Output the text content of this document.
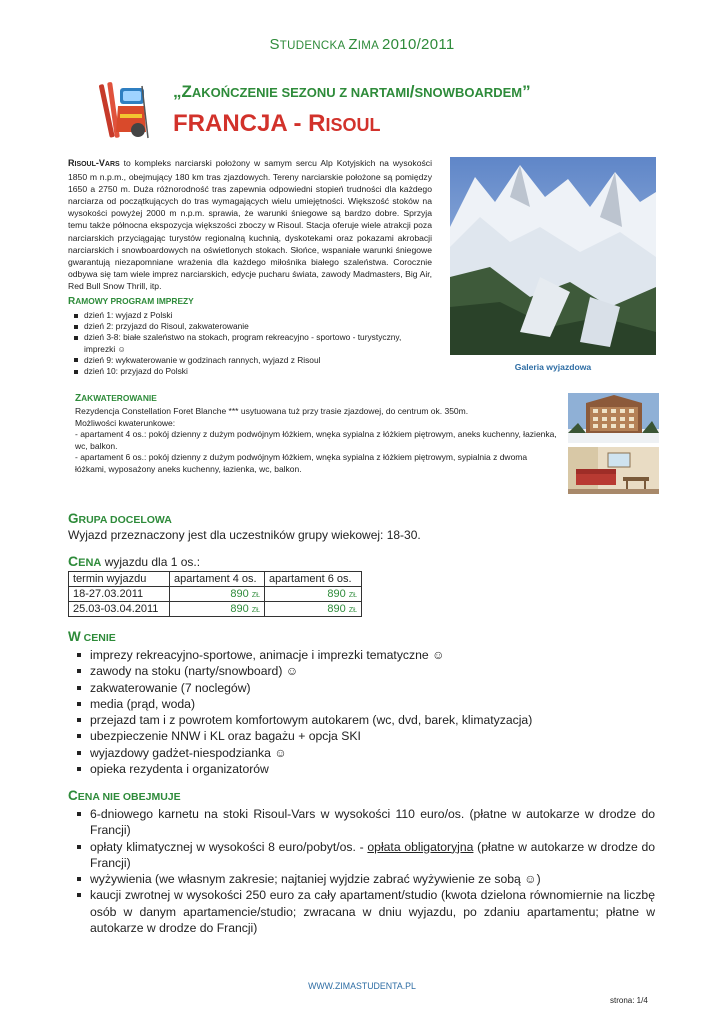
STUDENCKA ZIMA 2010/2011
„ZAKOŃCZENIE SEZONU Z NARTAMI/SNOWBOARDEM”
FRANCJA - RISOUL
RISOUL-VARS to kompleks narciarski położony w samym sercu Alp Kotyjskich na wysokości 1850 m n.p.m., obejmujący 180 km tras zjazdowych. Tereny narciarskie położone są pomiędzy 1650 a 2750 m. Duża różnorodność tras zapewnia odpowiedni stopień trudności dla każdego narciarza od początkujących do tras wymagających wielu umiejętności. Większość stoków na wysokości powyżej 2000 m n.p.m. sprawia, że warunki śniegowe są bardzo dobre. Sprzyja temu także północna ekspozycja większości zboczy w Risoul. Stacja oferuje wiele atrakcji poza narciarskich przyciągając turystów regionalną kuchnią, dyskotekami oraz pokazami akrobacji narciarskich i snowboardowych na oświetlonych stokach. Słońce, wspaniałe warunki śniegowe gwarantują niezapomniane wrażenia dla każdego miłośnika białego szaleństwa. Corocznie odbywa się tam wiele imprez narciarskich, edycje pucharu świata, zawody Madmasters, Big Air, Red Bull Snow Thrill, itp.
Galeria wyjazdowa
RAMOWY PROGRAM IMPREZY
dzień 1: wyjazd z Polski
dzień 2: przyjazd do Risoul, zakwaterowanie
dzień 3-8: białe szaleństwo na stokach, program rekreacyjno - sportowo - turystyczny, imprezki ☺
dzień 9: wykwaterowanie w godzinach rannych, wyjazd z Risoul
dzień 10: przyjazd do Polski
ZAKWATEROWANIE

Rezydencja Constellation Foret Blanche *** usytuowana tuż przy trasie zjazdowej, do centrum ok. 350m.

Możliwości kwaterunkowe:

- apartament 4 os.: pokój dzienny z dużym podwójnym łóżkiem, wnęka sypialna z łóżkiem piętrowym, aneks kuchenny, łazienka, wc, balkon.

- apartament 6 os.: pokój dzienny z dużym podwójnym łóżkiem, wnęka sypialna z łóżkiem piętrowym, sypialnia z dwoma łóżkami, wyposażony aneks kuchenny, łazienka, wc, balkon.

GRUPA DOCELOWA
Wyjazd przeznaczony jest dla uczestników grupy wiekowej: 18-30.
CENA wyjazdu dla 1 os.:
termin wyjazdu	apartament 4 os.	apartament 6 os.
18-27.03.2011	890 ZŁ	890 ZŁ
25.03-03.04.2011	890 ZŁ	890 ZŁ
W CENIE
imprezy rekreacyjno-sportowe, animacje i imprezki tematyczne ☺
zawody na stoku (narty/snowboard) ☺
zakwaterowanie (7 noclegów)
media (prąd, woda)
przejazd tam i z powrotem komfortowym autokarem (wc, dvd, barek, klimatyzacja)
ubezpieczenie NNW i KL oraz bagażu + opcja SKI
wyjazdowy gadżet-niespodzianka ☺
opieka rezydenta i organizatorów
CENA NIE OBEJMUJE
6-dniowego karnetu na stoki Risoul-Vars w wysokości 110 euro/os. (płatne w autokarze w drodze do Francji)
opłaty klimatycznej w wysokości 8 euro/pobyt/os. - opłata obligatoryjna (płatne w autokarze w drodze do Francji)
wyżywienia (we własnym zakresie; najtaniej wyjdzie zabrać wyżywienie ze sobą ☺)
kaucji zwrotnej w wysokości 250 euro za cały apartament/studio (kwota dzielona równomiernie na liczbę osób w danym apartamencie/studio; zwracana w dniu wyjazdu, po zdaniu apartamentu; płatne w autokarze w drodze do Francji)
WWW.ZIMASTUDENTA.PL
strona: 1/4
